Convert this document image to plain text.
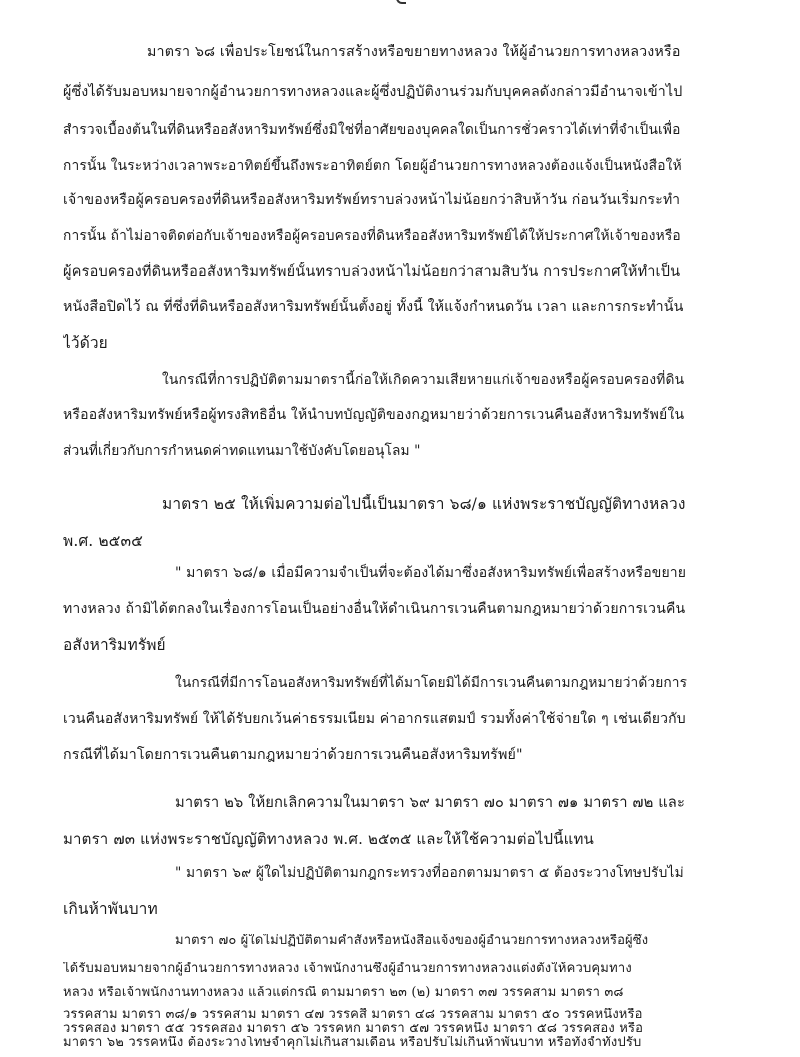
มาตรา ๖๘ เพื่อประโยชน์ในการสร้างหรือขยายทางหลวง ให้ผู้อำนวยการทางหลวงหรือ
ผู้ซึ่งได้รับมอบหมายจากผู้อำนวยการทางหลวงและผู้ซึ่งปฏิบัติงานร่วมกับบุคคลดังกล่าวมีอำนาจเข้าไป
สำรวจเบื้องต้นในที่ดินหรืออสังหาริมทรัพย์ซึ่งมิใช่ที่อาศัยของบุคคลใดเป็นการชั่วคราวได้เท่าที่จำเป็นเพื่อ
การนั้น ในระหว่างเวลาพระอาทิตย์ขึ้นถึงพระอาทิตย์ตก โดยผู้อำนวยการทางหลวงต้องแจ้งเป็นหนังสือให้
เจ้าของหรือผู้ครอบครองที่ดินหรืออสังหาริมทรัพย์ทราบล่วงหน้าไม่น้อยกว่าสิบห้าวัน ก่อนวันเริ่มกระทำ
การนั้น ถ้าไม่อาจติดต่อกับเจ้าของหรือผู้ครอบครองที่ดินหรืออสังหาริมทรัพย์ได้ให้ประกาศให้เจ้าของหรือ
ผู้ครอบครองที่ดินหรืออสังหาริมทรัพย์นั้นทราบล่วงหน้าไม่น้อยกว่าสามสิบวัน การประกาศให้ทำเป็น
หนังสือปิดไว้ ณ ที่ซึ่งที่ดินหรืออสังหาริมทรัพย์นั้นตั้งอยู่ ทั้งนี้ ให้แจ้งกำหนดวัน เวลา และการกระทำนั้น
ไว้ด้วย
ในกรณีที่การปฏิบัติตามมาตรานี้ก่อให้เกิดความเสียหายแก่เจ้าของหรือผู้ครอบครองที่ดิน
หรืออสังหาริมทรัพย์หรือผู้ทรงสิทธิอื่น ให้นำบทบัญญัติของกฎหมายว่าด้วยการเวนคืนอสังหาริมทรัพย์ใน
ส่วนที่เกี่ยวกับการกำหนดค่าทดแทนมาใช้บังคับโดยอนุโลม "
มาตรา ๒๕ ให้เพิ่มความต่อไปนี้เป็นมาตรา ๖๘/๑ แห่งพระราชบัญญัติทางหลวง
พ.ศ. ๒๕๓๕
" มาตรา ๖๘/๑ เมื่อมีความจำเป็นที่จะต้องได้มาซึ่งอสังหาริมทรัพย์เพื่อสร้างหรือขยาย
ทางหลวง ถ้ามิได้ตกลงในเรื่องการโอนเป็นอย่างอื่นให้ดำเนินการเวนคืนตามกฎหมายว่าด้วยการเวนคืน
อสังหาริมทรัพย์
ในกรณีที่มีการโอนอสังหาริมทรัพย์ที่ได้มาโดยมิได้มีการเวนคืนตามกฎหมายว่าด้วยการ
เวนคืนอสังหาริมทรัพย์ ให้ได้รับยกเว้นค่าธรรมเนียม ค่าอากรแสตมป์ รวมทั้งค่าใช้จ่ายใด ๆ เช่นเดียวกับ
กรณีที่ได้มาโดยการเวนคืนตามกฎหมายว่าด้วยการเวนคืนอสังหาริมทรัพย์"
มาตรา ๒๖ ให้ยกเลิกความในมาตรา ๖๙ มาตรา ๗๐ มาตรา ๗๑ มาตรา ๗๒ และ
มาตรา ๗๓ แห่งพระราชบัญญัติทางหลวง พ.ศ. ๒๕๓๕ และให้ใช้ความต่อไปนี้แทน
" มาตรา ๖๙ ผู้ใดไม่ปฏิบัติตามกฎกระทรวงที่ออกตามมาตรา ๕ ต้องระวางโทษปรับไม่
เกินห้าพันบาท
มาตรา ๗๐ ผู้ใดไม่ปฏิบัติตามคำสั่งหรือหนังสือแจ้งของผู้อำนวยการทางหลวงหรือผู้ซึ่ง
ได้รับมอบหมายจากผู้อำนวยการทางหลวง เจ้าพนักงานซึ่งผู้อำนวยการทางหลวงแต่งตั้งให้ควบคุมทาง
หลวง หรือเจ้าพนักงานทางหลวง แล้วแต่กรณี ตามมาตรา ๒๓ (๒) มาตรา ๓๗ วรรคสาม มาตรา ๓๘
วรรคสาม มาตรา ๓๘/๑ วรรคสาม มาตรา ๔๗ วรรคสี่ มาตรา ๔๘ วรรคสาม มาตรา ๕๐ วรรคหนึ่งหรือ
วรรคสอง มาตรา ๕๕ วรรคสอง มาตรา ๕๖ วรรคหก มาตรา ๕๗ วรรคหนึ่ง มาตรา ๕๘ วรรคสอง หรือ
มาตรา ๖๒ วรรคหนึ่ง ต้องระวางโทษจำคุกไม่เกินสามเดือน หรือปรับไม่เกินห้าพันบาท หรือทั้งจำทั้งปรับ
